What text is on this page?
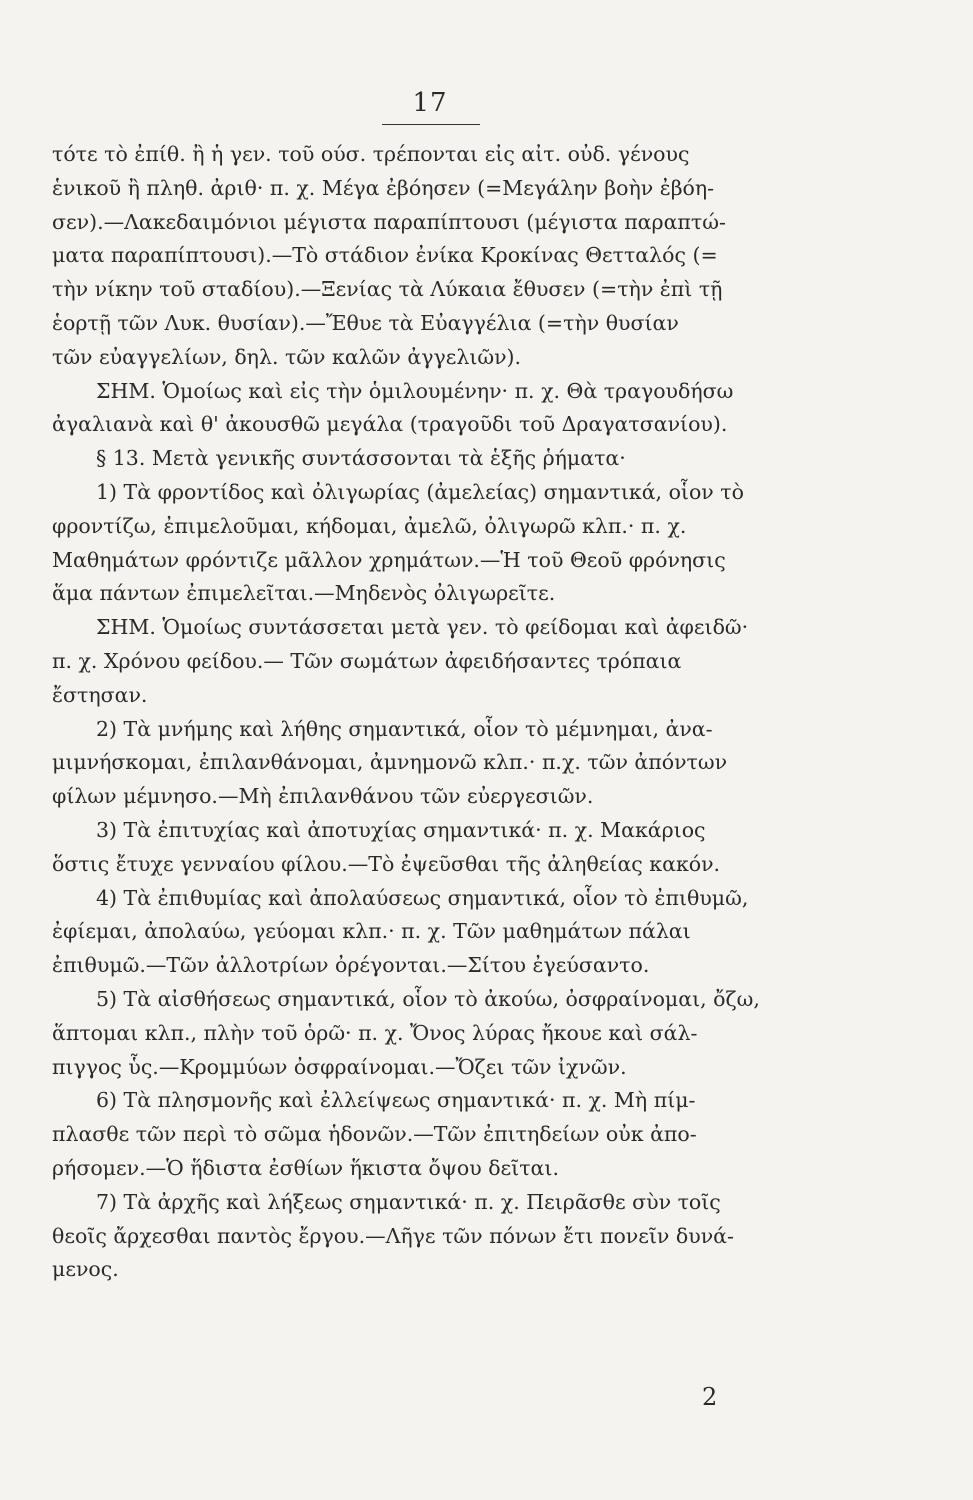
17
τότε τὸ ἐπίθ. ἢ ἡ γεν. τοῦ ούσ. τρέπονται εἰς αἰτ. οὐδ. γένους
ἑνικοῦ ἢ πληθ. ἀριθ· π. χ. Μέγα ἐβόησεν (=Μεγάλην βοὴν ἐβόη-
σεν).—Λακεδαιμόνιοι μέγιστα παραπίπτουσι (μέγιστα παραπτώ-
ματα παραπίπτουσι).—Τὸ στάδιον ἐνίκα Κροκίνας Θετταλός (=
τὴν νίκην τοῦ σταδίου).—Ξενίας τὰ Λύκαια ἔθυσεν (=τὴν ἐπὶ τῇ
ἑορτῇ τῶν Λυκ. θυσίαν).—Ἔθυε τὰ Εὐαγγέλια (=τὴν θυσίαν
τῶν εὐαγγελίων, δηλ. τῶν καλῶν ἀγγελιῶν).
ΣΗΜ. Ὁμοίως καὶ εἰς τὴν ὁμιλουμένην· π. χ. Θὰ τραγουδήσω
ἀγαλιανὰ καὶ θ' ἀκουσθῶ μεγάλα (τραγοῦδι τοῦ Δραγατσανίου).
§ 13. Μετὰ γενικῆς συντάσσονται τὰ ἑξῆς ῥήματα·
1) Τὰ φροντίδος καὶ ὀλιγωρίας (ἀμελείας) σημαντικά, οἷον τὸ
φροντίζω, ἐπιμελοῦμαι, κήδομαι, ἀμελῶ, ὀλιγωρῶ κλπ.· π. χ.
Μαθημάτων φρόντιζε μᾶλλον χρημάτων.—Ἡ τοῦ Θεοῦ φρόνησις
ἅμα πάντων ἐπιμελεῖται.—Μηδενὸς ὀλιγωρεῖτε.
ΣΗΜ. Ὁμοίως συντάσσεται μετὰ γεν. τὸ φείδομαι καὶ ἀφειδῶ·
π. χ. Χρόνου φείδου.— Τῶν σωμάτων ἀφειδήσαντες τρόπαια
ἔστησαν.
2) Τὰ μνήμης καὶ λήθης σημαντικά, οἷον τὸ μέμνημαι, ἀνα-
μιμνήσκομαι, ἐπιλανθάνομαι, ἀμνημονῶ κλπ.· π.χ. τῶν ἀπόντων
φίλων μέμνησο.—Μὴ ἐπιλανθάνου τῶν εὐεργεσιῶν.
3) Τὰ ἐπιτυχίας καὶ ἀποτυχίας σημαντικά· π. χ. Μακάριος
ὅστις ἔτυχε γενναίου φίλου.—Τὸ ἐψεῦσθαι τῆς ἀληθείας κακόν.
4) Τὰ ἐπιθυμίας καὶ ἀπολαύσεως σημαντικά, οἷον τὸ ἐπιθυμῶ,
ἐφίεμαι, ἀπολαύω, γεύομαι κλπ.· π. χ. Τῶν μαθημάτων πάλαι
ἐπιθυμῶ.—Τῶν ἀλλοτρίων ὀρέγονται.—Σίτου ἐγεύσαντο.
5) Τὰ αἰσθήσεως σημαντικά, οἷον τὸ ἀκούω, ὀσφραίνομαι, ὄζω,
ἅπτομαι κλπ., πλὴν τοῦ ὁρῶ· π. χ. Ὄνος λύρας ἤκουε καὶ σάλ-
πιγγος ὗς.—Κρομμύων ὀσφραίνομαι.—Ὄζει τῶν ἰχνῶν.
6) Τὰ πλησμονῆς καὶ ἐλλείψεως σημαντικά· π. χ. Μὴ πίμ-
πλασθε τῶν περὶ τὸ σῶμα ἡδονῶν.—Τῶν ἐπιτηδείων οὐκ ἀπο-
ρήσομεν.—Ὁ ἥδιστα ἐσθίων ἥκιστα ὄψου δεῖται.
7) Τὰ ἀρχῆς καὶ λήξεως σημαντικά· π. χ. Πειρᾶσθε σὺν τοῖς
θεοῖς ἄρχεσθαι παντὸς ἔργου.—Λῆγε τῶν πόνων ἔτι πονεῖν δυνά-
μενος.
2
